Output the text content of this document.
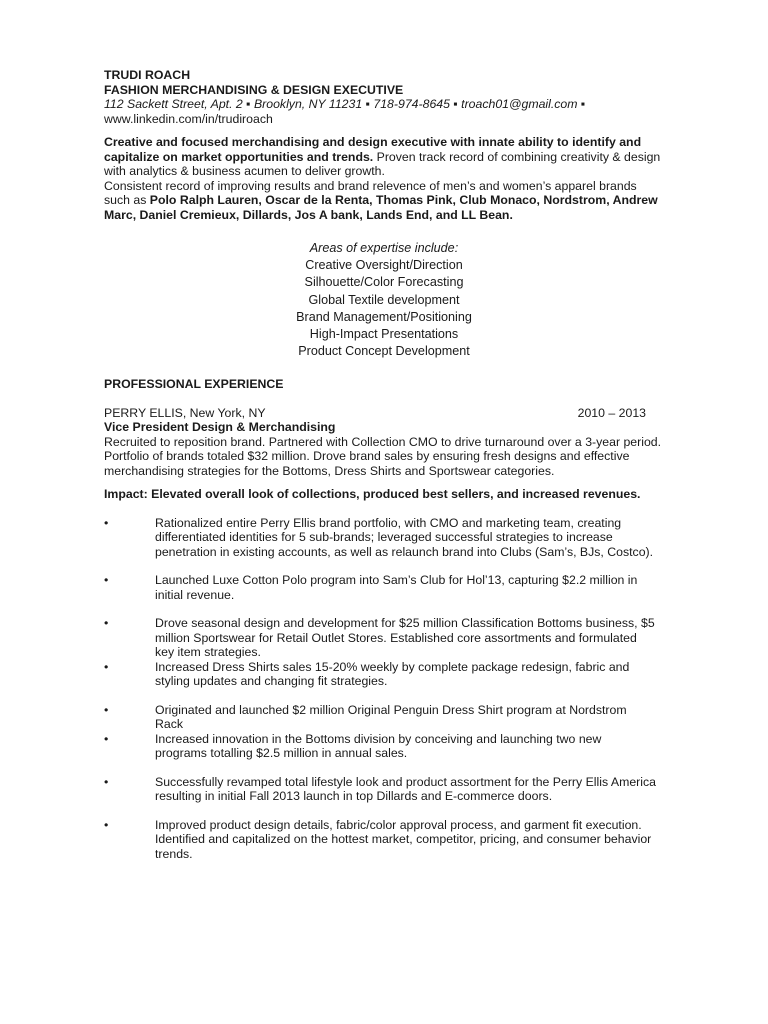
TRUDI ROACH
FASHION MERCHANDISING & DESIGN EXECUTIVE
112 Sackett Street, Apt. 2 ▪ Brooklyn, NY 11231 ▪ 718-974-8645 ▪ troach01@gmail.com ▪
www.linkedin.com/in/trudiroach
Creative and focused merchandising and design executive with innate ability to identify and capitalize on market opportunities and trends. Proven track record of combining creativity & design with analytics & business acumen to deliver growth.
Consistent record of improving results and brand relevence of men’s and women’s apparel brands such as Polo Ralph Lauren, Oscar de la Renta, Thomas Pink, Club Monaco, Nordstrom, Andrew Marc, Daniel Cremieux, Dillards, Jos A bank, Lands End, and LL Bean.
Areas of expertise include:
Creative Oversight/Direction
Silhouette/Color Forecasting
Global Textile development
Brand Management/Positioning
High-Impact Presentations
Product Concept Development
PROFESSIONAL EXPERIENCE
PERRY ELLIS, New York, NY	2010 – 2013
Vice President Design & Merchandising
Recruited to reposition brand. Partnered with Collection CMO to drive turnaround over a 3-year period. Portfolio of brands totaled $32 million. Drove brand sales by ensuring fresh designs and effective merchandising strategies for the Bottoms, Dress Shirts and Sportswear categories.
Impact: Elevated overall look of collections, produced best sellers, and increased revenues.
•	Rationalized entire Perry Ellis brand portfolio, with CMO and marketing team, creating differentiated identities for 5 sub-brands; leveraged successful strategies to increase penetration in existing accounts, as well as relaunch brand into Clubs (Sam’s, BJs, Costco).
•	Launched Luxe Cotton Polo program into Sam’s Club for Hol’13, capturing $2.2 million in initial revenue.
•	Drove seasonal design and development for $25 million Classification Bottoms business, $5 million Sportswear for Retail Outlet Stores. Established core assortments and formulated key item strategies.
•	Increased Dress Shirts sales 15-20% weekly by complete package redesign, fabric and styling updates and changing fit strategies.
•	Originated and launched $2 million Original Penguin Dress Shirt program at Nordstrom Rack
•	Increased innovation in the Bottoms division by conceiving and launching two new programs totalling $2.5 million in annual sales.
•	Successfully revamped total lifestyle look and product assortment for the Perry Ellis America resulting in initial Fall 2013 launch in top Dillards and E-commerce doors.
•	Improved product design details, fabric/color approval process, and garment fit execution. Identified and capitalized on the hottest market, competitor, pricing, and consumer behavior trends.
